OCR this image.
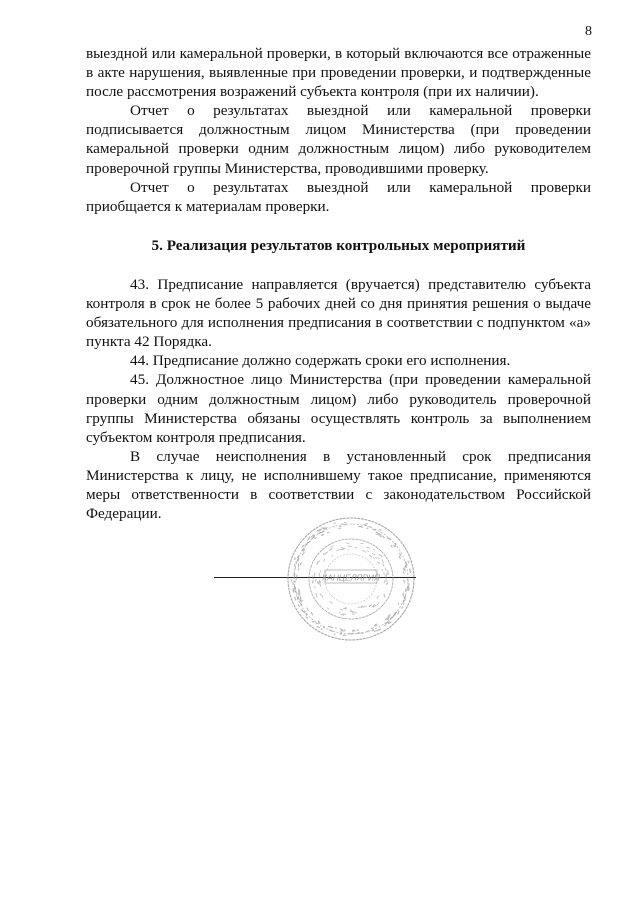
8

выездной или камеральной проверки, в который включаются все отраженные в акте нарушения, выявленные при проведении проверки, и подтвержденные после рассмотрения возражений субъекта контроля (при их наличии).

Отчет о результатах выездной или камеральной проверки подписывается должностным лицом Министерства (при проведении камеральной проверки одним должностным лицом) либо руководителем проверочной группы Министерства, проводившими проверку.

Отчет о результатах выездной или камеральной проверки приобщается к материалам проверки.

5. Реализация результатов контрольных мероприятий

43. Предписание направляется (вручается) представителю субъекта контроля в срок не более 5 рабочих дней со дня принятия решения о выдаче обязательного для исполнения предписания в соответствии с подпунктом «а» пункта 42 Порядка.

44. Предписание должно содержать сроки его исполнения.

45. Должностное лицо Министерства (при проведении камеральной проверки одним должностным лицом) либо руководитель проверочной группы Министерства обязаны осуществлять контроль за выполнением субъектом контроля предписания.

В случае неисполнения в установленный срок предписания Министерства к лицу, не исполнившему такое предписание, применяются меры ответственности в соответствии с законодательством Российской Федерации.

КАНЦЕЛЯРИЯ
